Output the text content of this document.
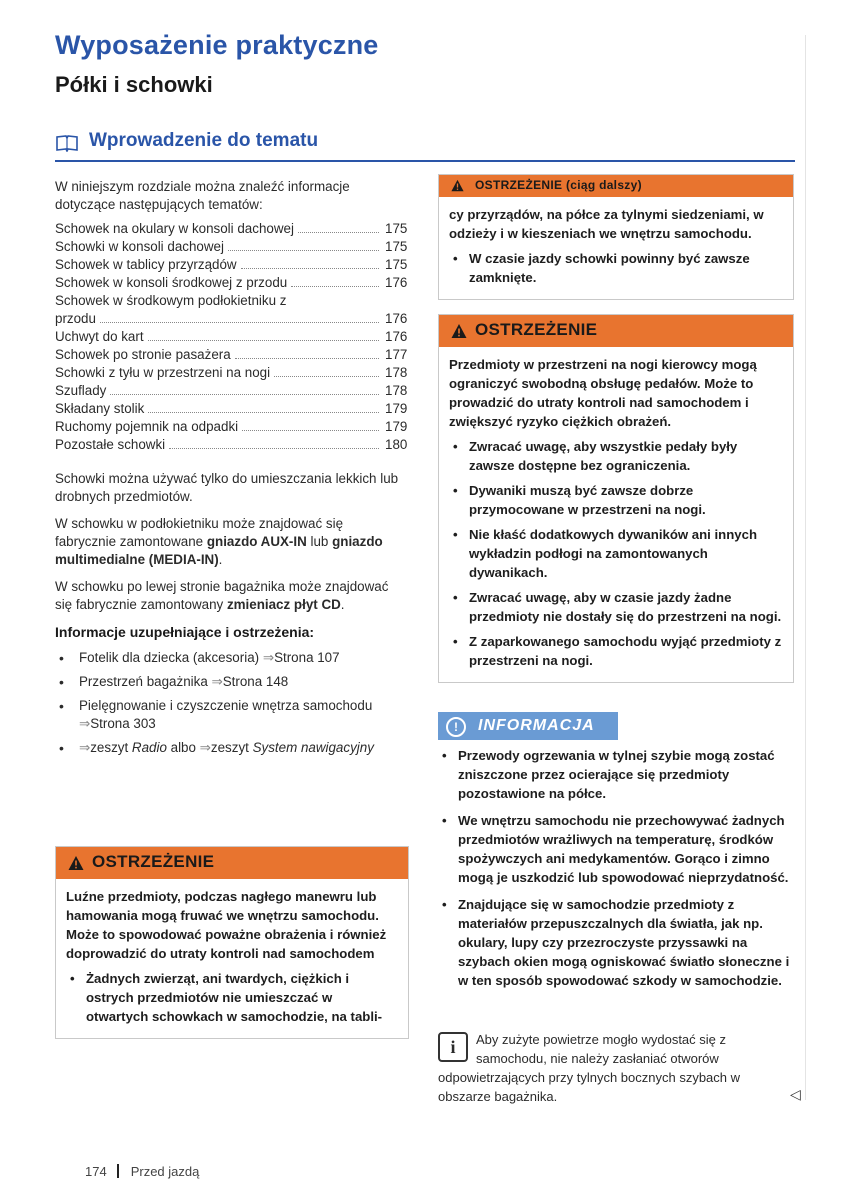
Wyposażenie praktyczne
Półki i schowki
Wprowadzenie do tematu

W niniejszym rozdziale można znaleźć informacje dotyczące następujących tematów:

Schowek na okulary w konsoli dachowej	175
Schowki w konsoli dachowej	175
Schowek w tablicy przyrządów	175
Schowek w konsoli środkowej z przodu	176
Schowek w środkowym podłokietniku z
przodu	176
Uchwyt do kart	176
Schowek po stronie pasażera	177
Schowki z tyłu w przestrzeni na nogi	178
Szuflady	178
Składany stolik	179
Ruchomy pojemnik na odpadki	179
Pozostałe schowki	180

Schowki można używać tylko do umieszczania lekkich lub drobnych przedmiotów.

W schowku w podłokietniku może znajdować się fabrycznie zamontowane gniazdo AUX-IN lub gniazdo multimedialne (MEDIA-IN).

W schowku po lewej stronie bagażnika może znajdować się fabrycznie zamontowany zmieniacz płyt CD.

Informacje uzupełniające i ostrzeżenia:
• Fotelik dla dziecka (akcesoria) ⇒Strona 107
• Przestrzeń bagażnika ⇒Strona 148
• Pielęgnowanie i czyszczenie wnętrza samochodu ⇒Strona 303
• ⇒zeszyt Radio albo ⇒zeszyt System nawigacyjny
OSTRZEŻENIE

Luźne przedmioty, podczas nagłego manewru lub hamowania mogą fruwać we wnętrzu samochodu. Może to spowodować poważne obrażenia i również doprowadzić do utraty kontroli nad samochodem

• Żadnych zwierząt, ani twardych, ciężkich i ostrych przedmiotów nie umieszczać w otwartych schowkach w samochodzie, na tabli-
OSTRZEŻENIE (ciąg dalszy)

cy przyrządów, na półce za tylnymi siedzeniami, w odzieży i w kieszeniach we wnętrzu samochodu.

• W czasie jazdy schowki powinny być zawsze zamknięte.
OSTRZEŻENIE

Przedmioty w przestrzeni na nogi kierowcy mogą ograniczyć swobodną obsługę pedałów. Może to prowadzić do utraty kontroli nad samochodem i zwiększyć ryzyko ciężkich obrażeń.

• Zwracać uwagę, aby wszystkie pedały były zawsze dostępne bez ograniczenia.
• Dywaniki muszą być zawsze dobrze przymocowane w przestrzeni na nogi.
• Nie kłaść dodatkowych dywaników ani innych wykładzin podłogi na zamontowanych dywanikach.
• Zwracać uwagę, aby w czasie jazdy żadne przedmioty nie dostały się do przestrzeni na nogi.
• Z zaparkowanego samochodu wyjąć przedmioty z przestrzeni na nogi.
!	INFORMACJA
• Przewody ogrzewania w tylnej szybie mogą zostać zniszczone przez ocierające się przedmioty pozostawione na półce.
• We wnętrzu samochodu nie przechowywać żadnych przedmiotów wrażliwych na temperaturę, środków spożywczych ani medykamentów. Gorąco i zimno mogą je uszkodzić lub spowodować nieprzydatność.
• Znajdujące się w samochodzie przedmioty z materiałów przepuszczalnych dla światła, jak np. okulary, lupy czy przezroczyste przyssawki na szybach okien mogą ogniskować światło słoneczne i w ten sposób spowodować szkody w samochodzie.
i	Aby zużyte powietrze mogło wydostać się z samochodu, nie należy zasłaniać otworów odpowietrzających przy tylnych bocznych szybach w obszarze bagażnika.	◁
174 Przed jazdą
